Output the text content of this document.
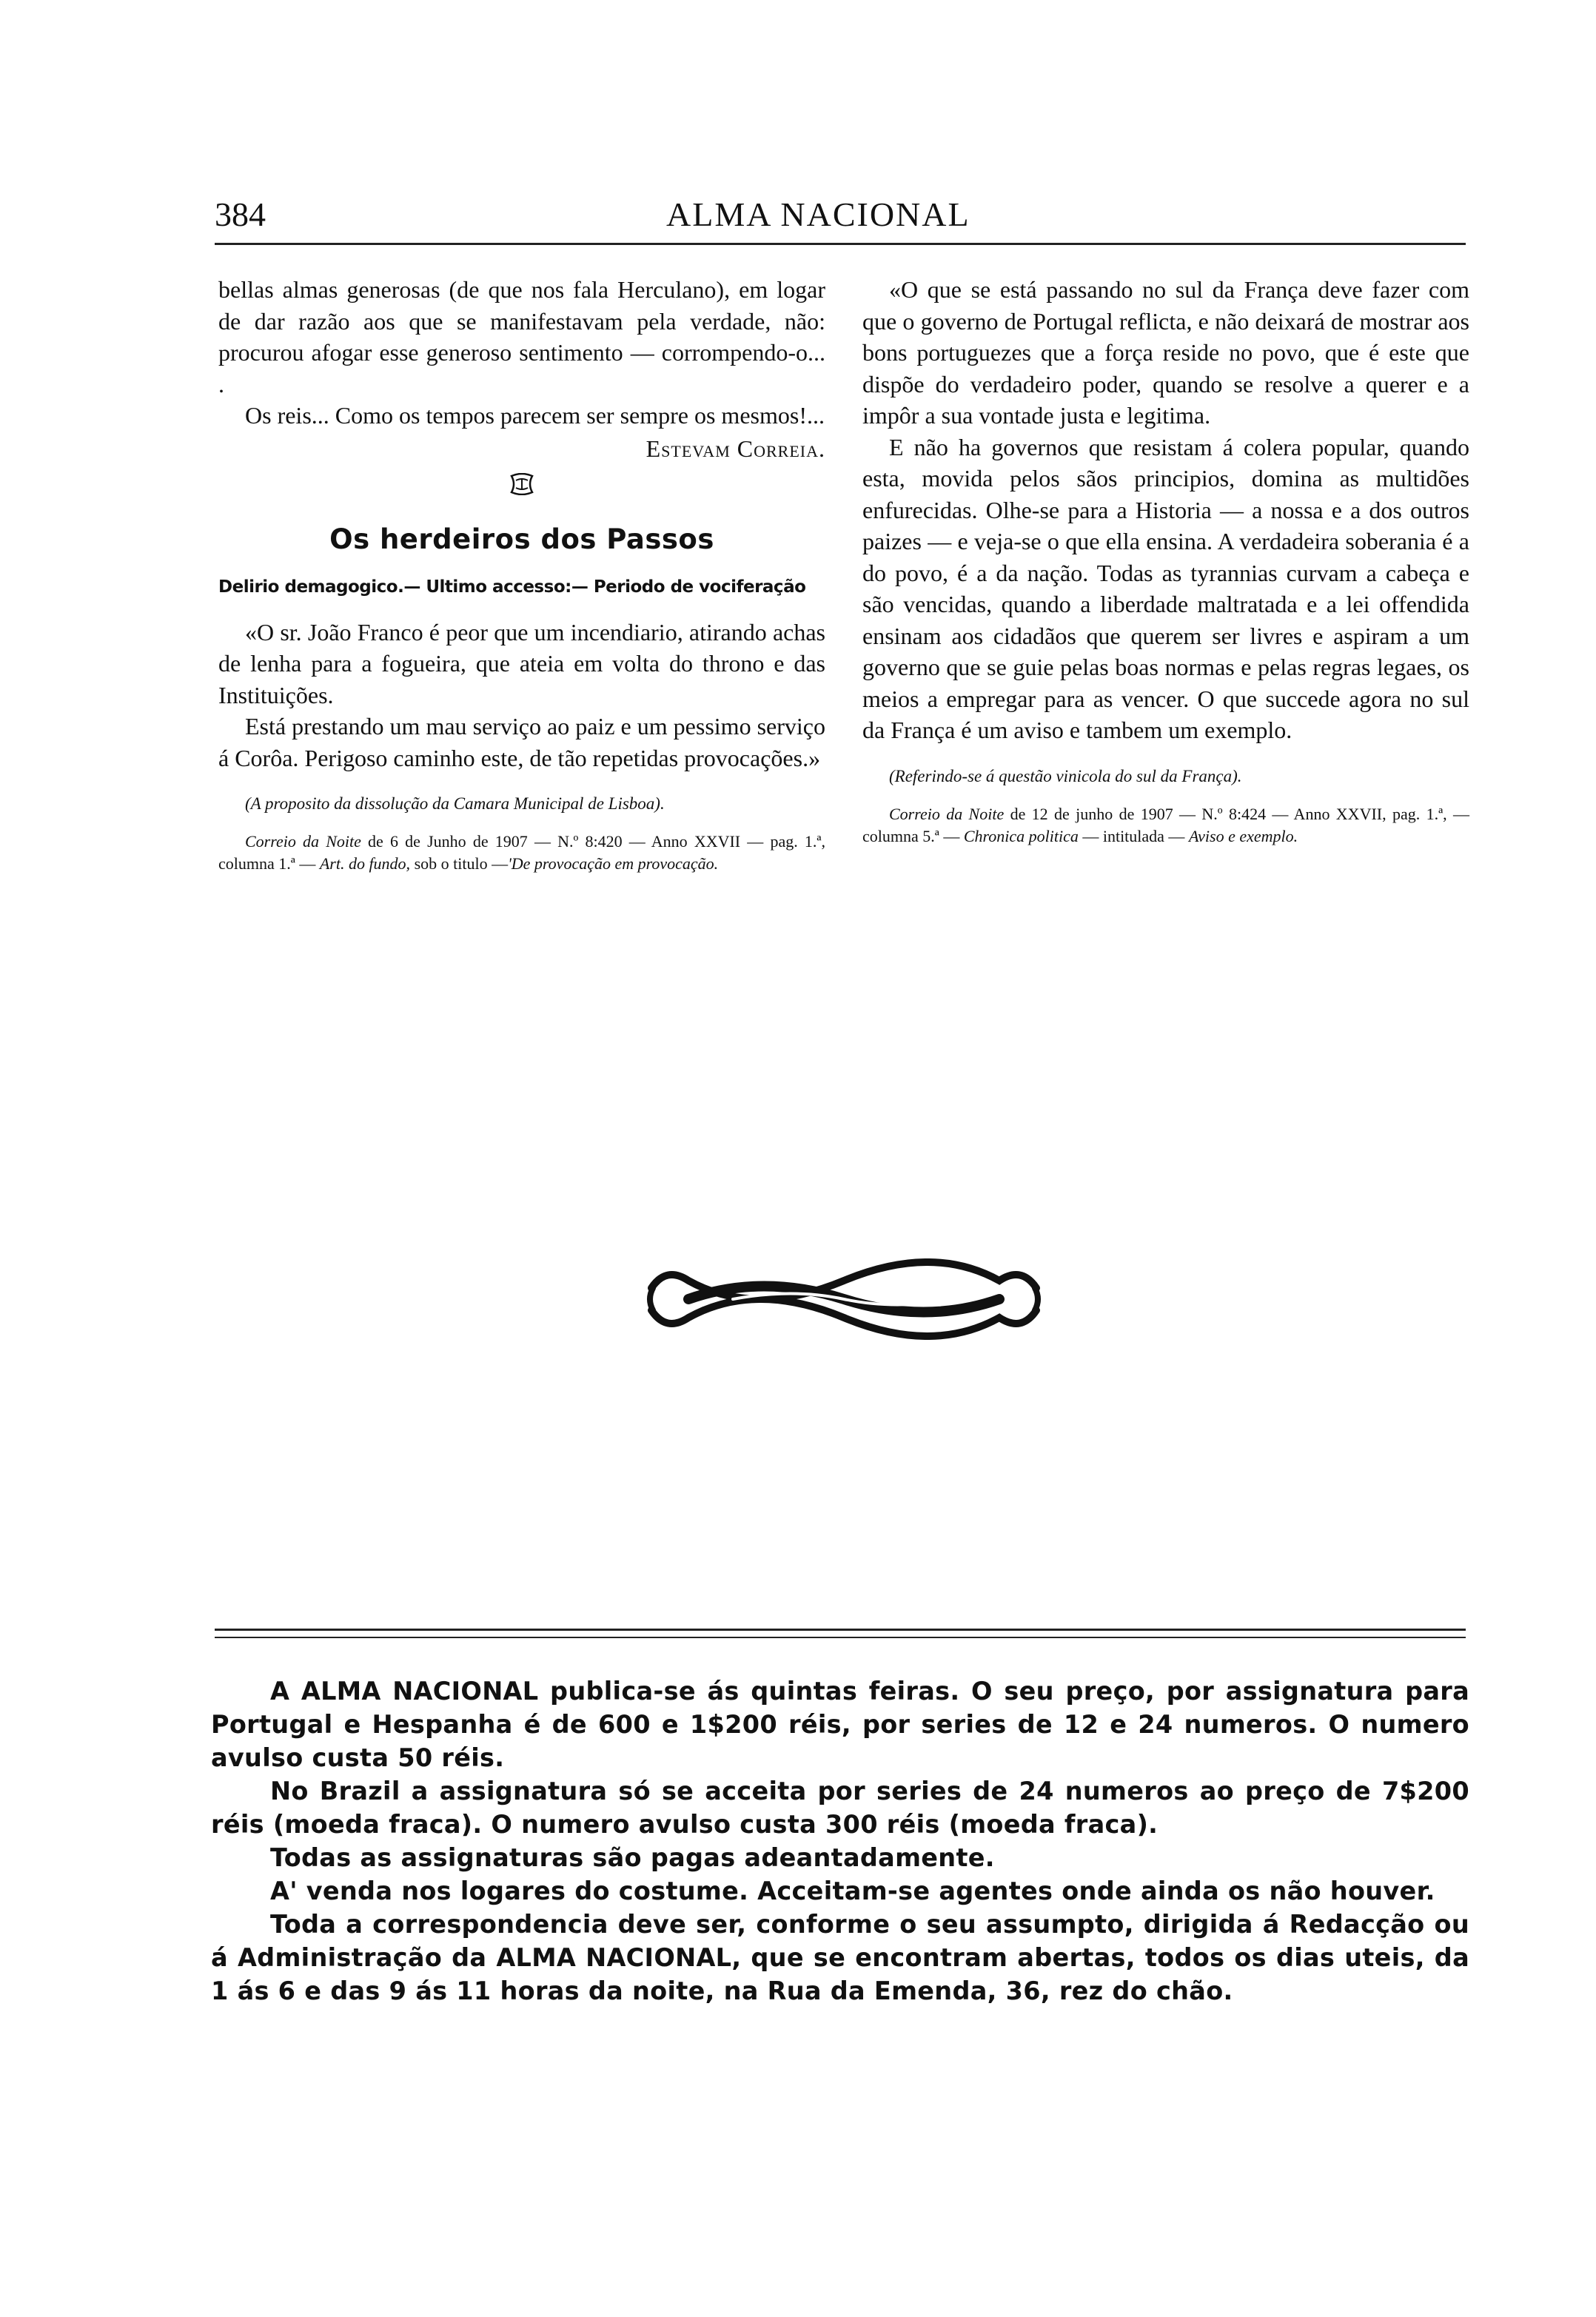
384	ALMA NACIONAL

bellas almas generosas (de que nos fala Herculano), em logar de dar razão aos que se manifestavam pela verdade, não: procurou afogar esse generoso sentimento — corrompendo-o... .

Os reis... Como os tempos parecem ser sempre os mesmos!...

Estevam Correia.

Os herdeiros dos Passos

Delirio demagogico.— Ultimo accesso:— Periodo de vociferação

«O sr. João Franco é peor que um incendiario, atirando achas de lenha para a fogueira, que ateia em volta do throno e das Instituições.

Está prestando um mau serviço ao paiz e um pessimo serviço á Corôa. Perigoso caminho este, de tão repetidas provocações.»

(A proposito da dissolução da Camara Municipal de Lisboa).

Correio da Noite de 6 de Junho de 1907 — N.º 8:420 — Anno XXVII — pag. 1.ª, columna 1.ª — Art. do fundo, sob o titulo —'De provocação em provocação.

«O que se está passando no sul da França deve fazer com que o governo de Portugal reflicta, e não deixará de mostrar aos bons portuguezes que a força reside no povo, que é este que dispõe do verdadeiro poder, quando se resolve a querer e a impôr a sua vontade justa e legitima.

E não ha governos que resistam á colera popular, quando esta, movida pelos sãos principios, domina as multidões enfurecidas. Olhe-se para a Historia — a nossa e a dos outros paizes — e veja-se o que ella ensina. A verdadeira soberania é a do povo, é a da nação. Todas as tyrannias curvam a cabeça e são vencidas, quando a liberdade maltratada e a lei offendida ensinam aos cidadãos que querem ser livres e aspiram a um governo que se guie pelas boas normas e pelas regras legaes, os meios a empregar para as vencer. O que succede agora no sul da França é um aviso e tambem um exemplo.

(Referindo-se á questão vinicola do sul da França).

Correio da Noite de 12 de junho de 1907 — N.º 8:424 — Anno XXVII, pag. 1.ª, — columna 5.ª — Chronica politica — intitulada — Aviso e exemplo.

A ALMA NACIONAL publica-se ás quintas feiras. O seu preço, por assignatura para Portugal e Hespanha é de 600 e 1$200 réis, por series de 12 e 24 numeros. O numero avulso custa 50 réis.

No Brazil a assignatura só se acceita por series de 24 numeros ao preço de 7$200 réis (moeda fraca). O numero avulso custa 300 réis (moeda fraca).

Todas as assignaturas são pagas adeantadamente.

A' venda nos logares do costume. Acceitam-se agentes onde ainda os não houver.

Toda a correspondencia deve ser, conforme o seu assumpto, dirigida á Redacção ou á Administração da ALMA NACIONAL, que se encontram abertas, todos os dias uteis, da 1 ás 6 e das 9 ás 11 horas da noite, na Rua da Emenda, 36, rez do chão.
